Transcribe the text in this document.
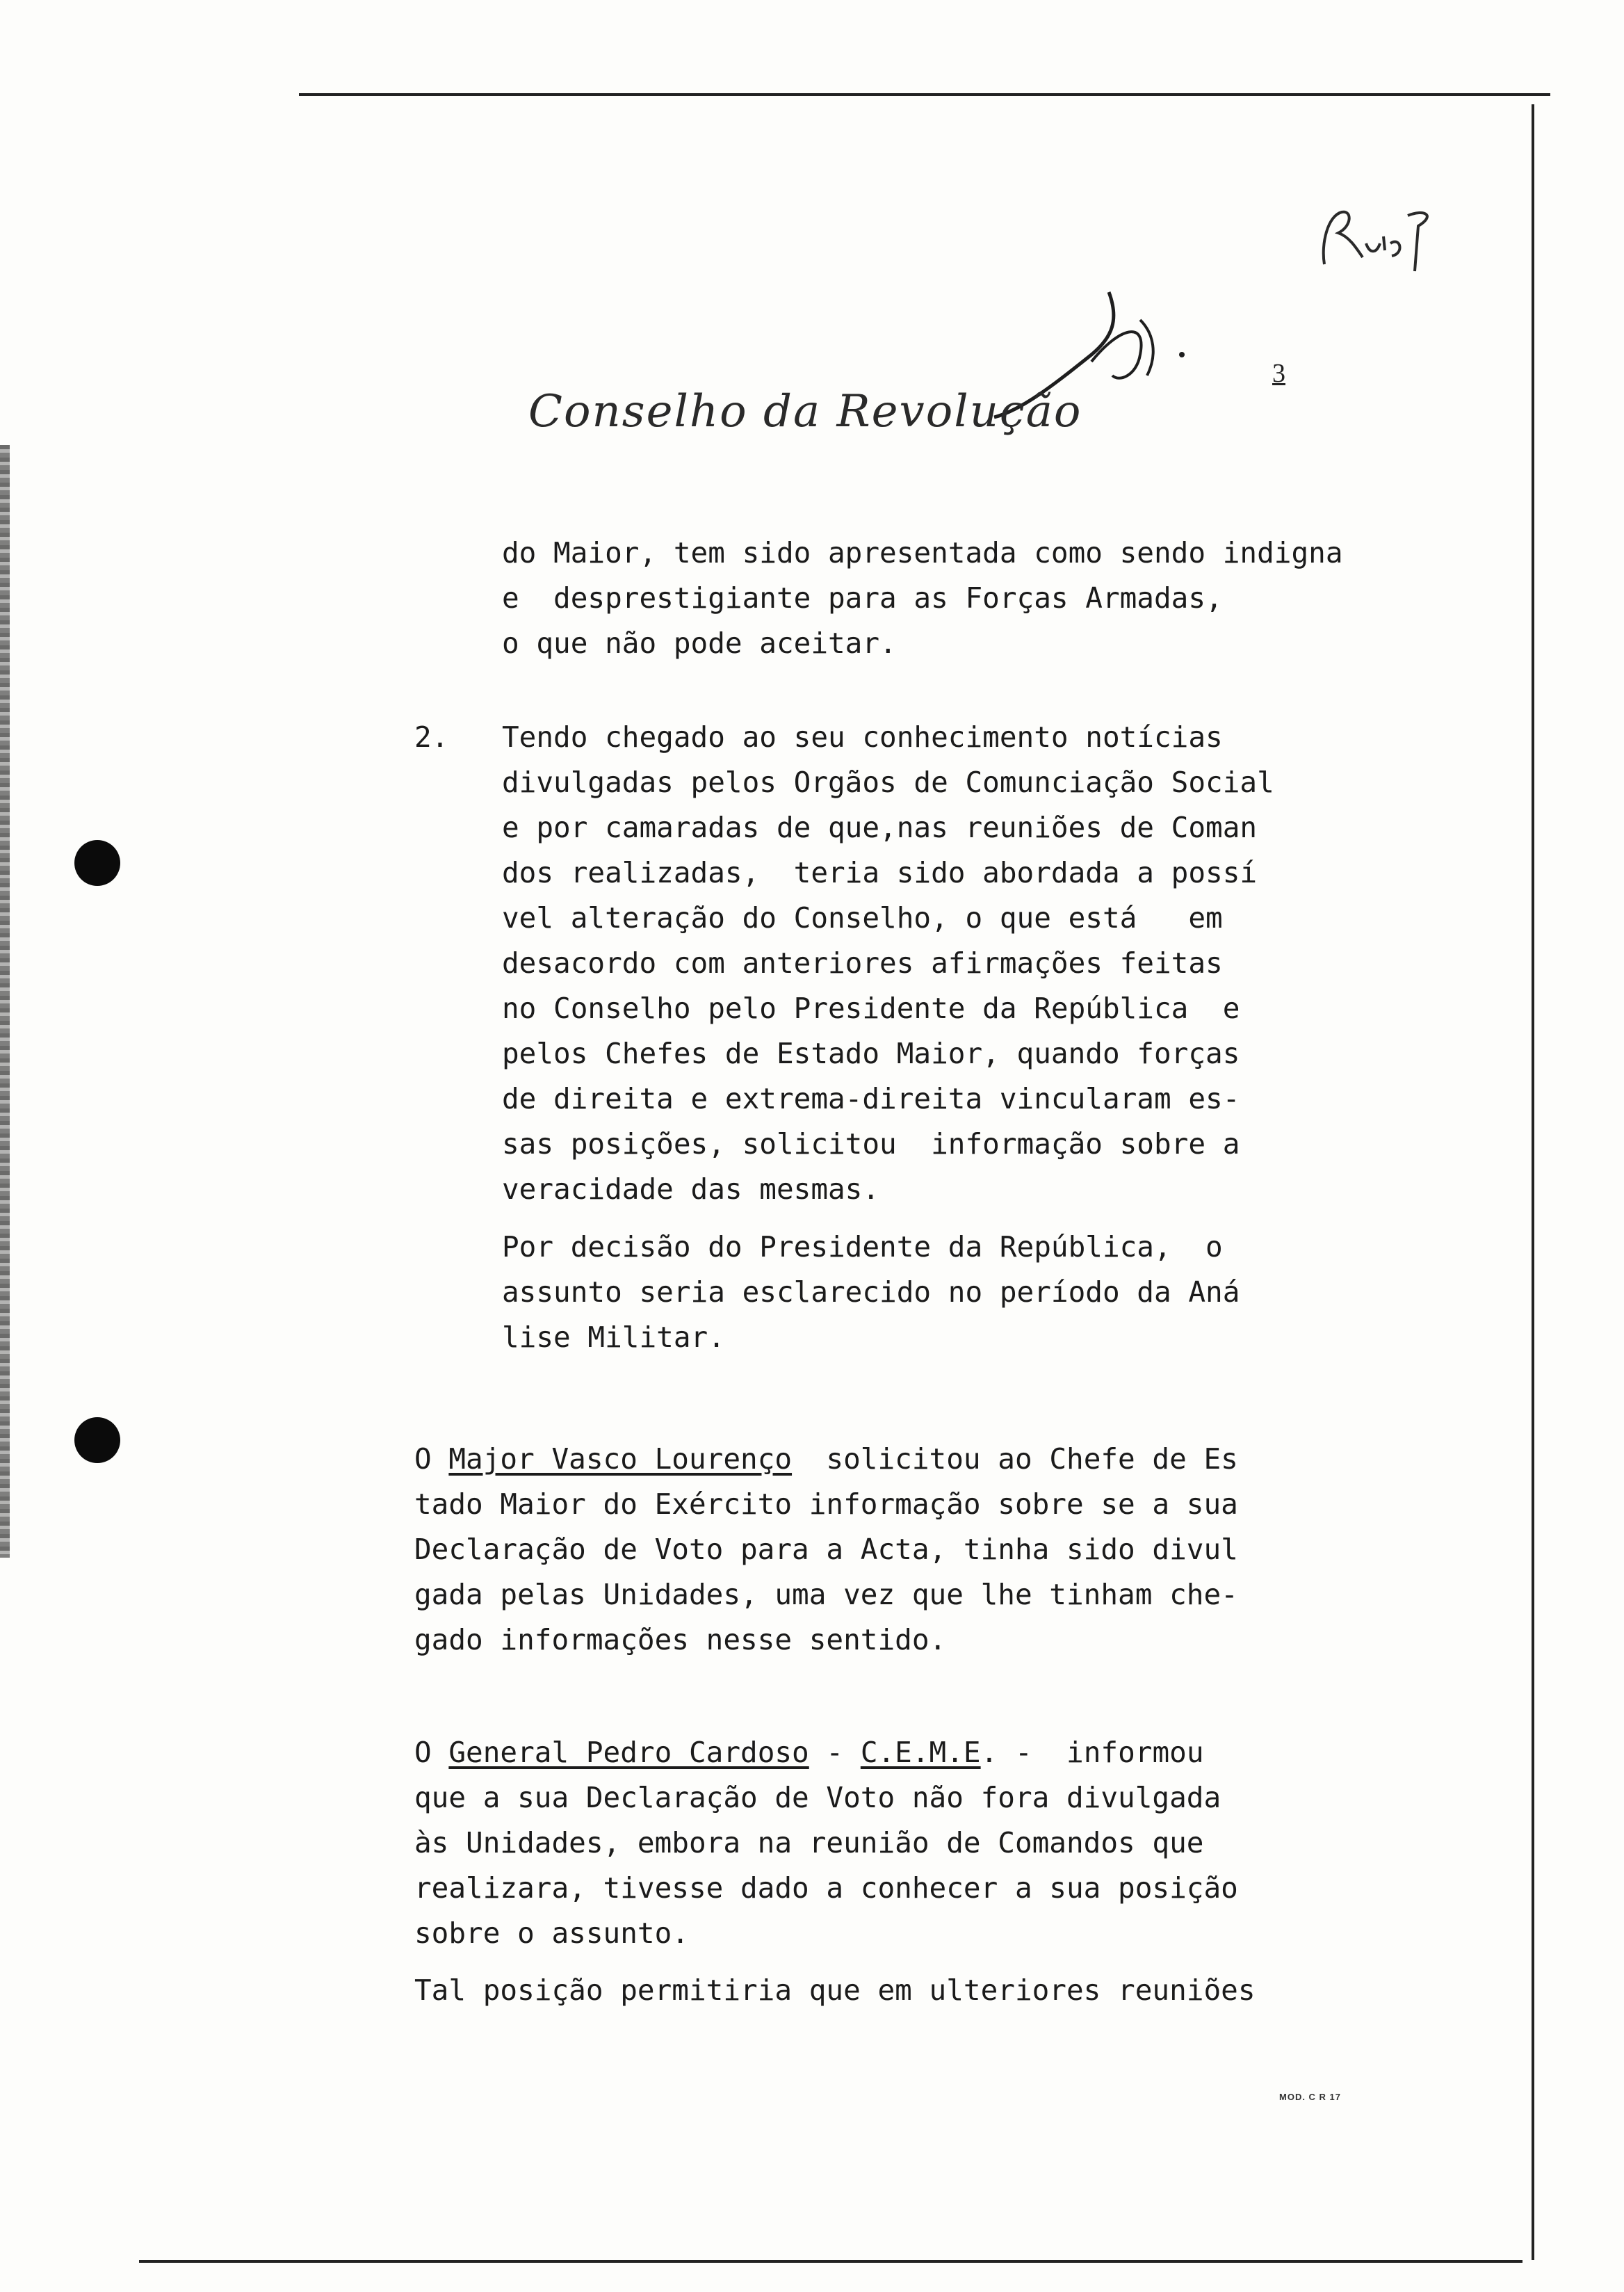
Conselho da Revolução
3
do Maior, tem sido apresentada como sendo indigna
e  desprestigiante para as Forças Armadas,
o que não pode aceitar.
2. Tendo chegado ao seu conhecimento notícias
divulgadas pelos Orgãos de Comunciação Social
e por camaradas de que,nas reuniões de Coman
dos realizadas,  teria sido abordada a possí
vel alteração do Conselho, o que está   em
desacordo com anteriores afirmações feitas
no Conselho pelo Presidente da República  e
pelos Chefes de Estado Maior, quando forças
de direita e extrema-direita vincularam es-
sas posições, solicitou  informação sobre a
veracidade das mesmas.
Por decisão do Presidente da República,  o
assunto seria esclarecido no período da Aná
lise Militar.
O Major Vasco Lourenço  solicitou ao Chefe de Es
tado Maior do Exército informação sobre se a sua
Declaração de Voto para a Acta, tinha sido divul
gada pelas Unidades, uma vez que lhe tinham che-
gado informações nesse sentido.
O General Pedro Cardoso - C.E.M.E. -  informou
que a sua Declaração de Voto não fora divulgada
às Unidades, embora na reunião de Comandos que
realizara, tivesse dado a conhecer a sua posição
sobre o assunto.
Tal posição permitiria que em ulteriores reuniões
MOD. C R 17
